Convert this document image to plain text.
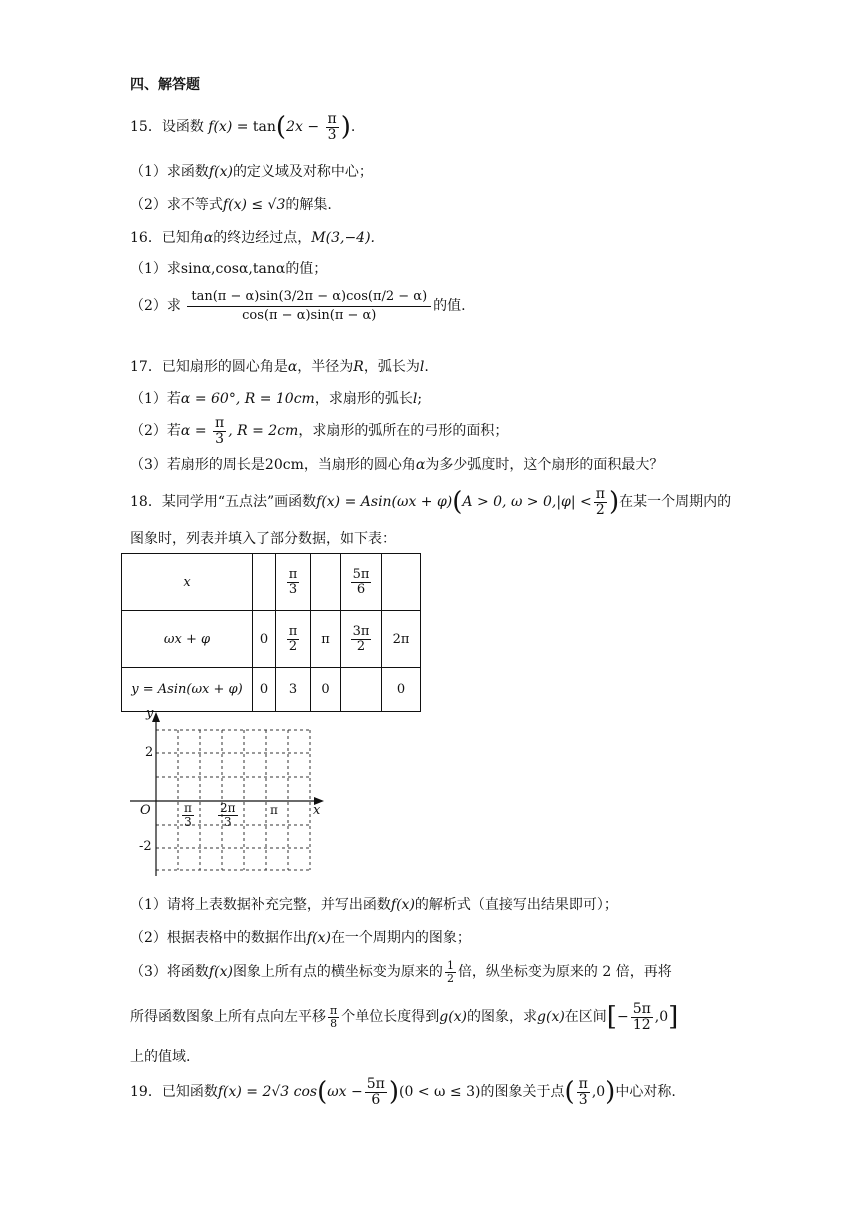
四、解答题
15．设函数 $f(x) = \tan(2x - \frac{\pi}{3}$ ).
（1）求函数f(x)的定义域及对称中心；
（2）求不等式f(x) ≤ √3的解集.
16．已知角α的终边经过点，M(3,−4).
（1）求sinα,cosα,tanα的值；
（2）求 $\frac{\tan(\pi - \alpha)\sin(3/2\pi - \alpha)\cos(\pi/2 - \alpha)}{\cos(\pi - \alpha)\sin(\pi - \alpha)}$ 的值.
17．已知扇形的圆心角是α，半径为R，弧长为l.
（1）若α = 60°, R = 10cm，求扇形的弧长l;
（2）若$\alpha = \frac{\pi}{3}$ , R = 2cm，求扇形的弧所在的弓形的面积；
（3）若扇形的周长是20cm，当扇形的圆心角α为多少弧度时，这个扇形的面积最大？
18．某同学用“五点法”画函数f(x) = Asin(ωx + φ)(A > 0, $\omega > 0,|\varphi| < \frac{\pi}{2}$ )在某一个周期内的
图象时，列表并填入了部分数据，如下表：
x		$\frac{\pi}{3}$		$\frac{5\pi}{6}$

ωx + φ	0	$\frac{\pi}{2}$	π	$\frac{3\pi}{2}$	2π
y = Asin(ωx + φ)	0	3	0		0
y
x
O
2
-2
$\frac{\pi}{3} \frac{2\pi}{3}$	π
（1）请将上表数据补充完整，并写出函数f(x)的解析式（直接写出结果即可）；
（2）根据表格中的数据作出f(x)在一个周期内的图象；
（3）将函数f(x)图象上所有点的横坐标变为原来的 $\frac{1}{2}$ 倍，纵坐标变为原来的 2 倍，再将
所得函数图象上所有点向左平移 $\frac{\pi}{8}$ 个单位长度得到g(x)的图象，求g(x)在区间[− $\frac{5\pi}{12} ,0$]
上的值域.
19．已知函数f(x) = 2√3 $\cos(\omega x - \frac{5\pi}{6} )(0 < \omega \le 3)$的图象关于点( $\frac{\pi}{3} ,0$)中心对称.
